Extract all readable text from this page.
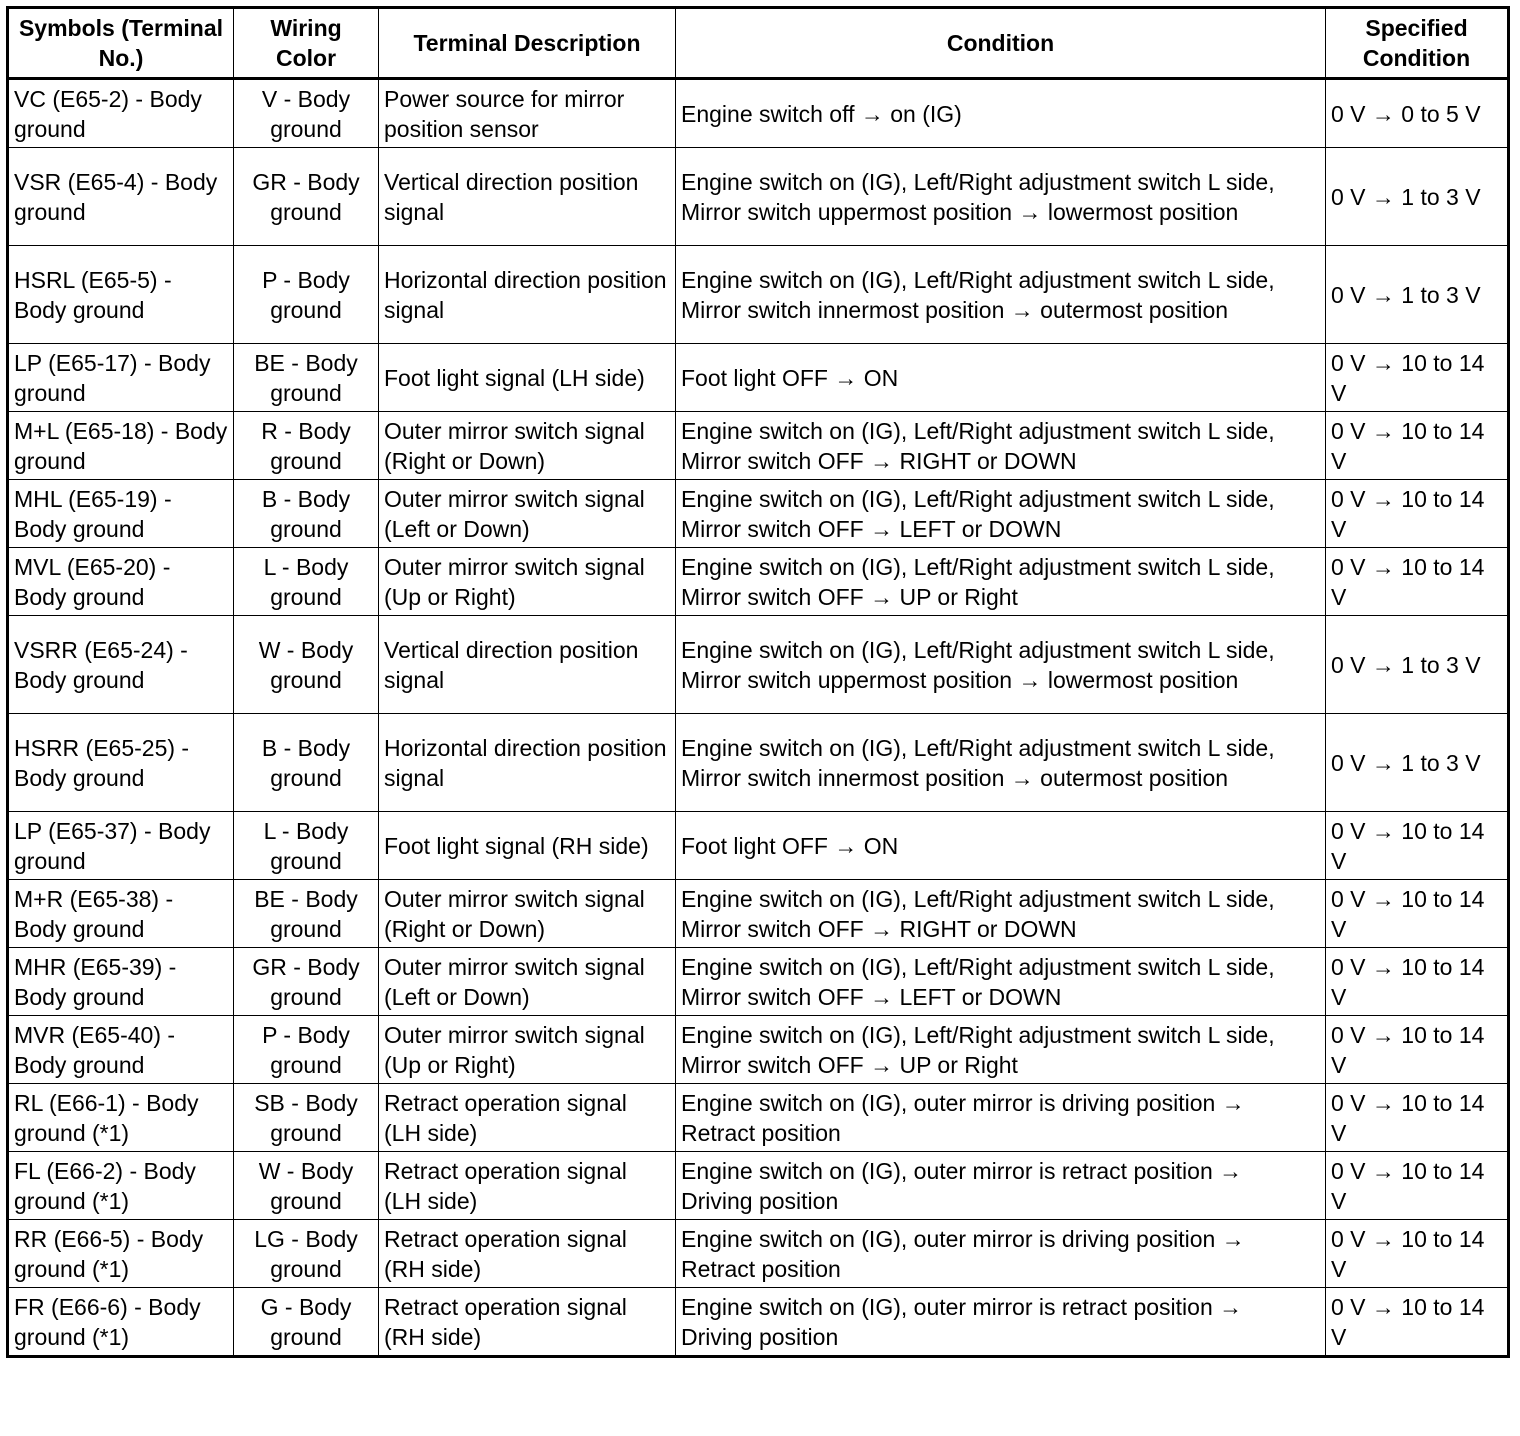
Symbols (Terminal No.)	Wiring Color	Terminal Description	Condition	Specified Condition
VC (E65-2) - Body ground	V - Body ground	Power source for mirror position sensor	Engine switch off → on (IG)	0 V → 0 to 5 V
VSR (E65-4) - Body ground	GR - Body ground	Vertical direction position signal	Engine switch on (IG), Left/Right adjustment switch L side, Mirror switch uppermost position → lowermost position	0 V → 1 to 3 V
HSRL (E65-5) - Body ground	P - Body ground	Horizontal direction position signal	Engine switch on (IG), Left/Right adjustment switch L side, Mirror switch innermost position → outermost position	0 V → 1 to 3 V
LP (E65-17) - Body ground	BE - Body ground	Foot light signal (LH side)	Foot light OFF → ON	0 V → 10 to 14 V
M+L (E65-18) - Body ground	R - Body ground	Outer mirror switch signal (Right or Down)	Engine switch on (IG), Left/Right adjustment switch L side, Mirror switch OFF → RIGHT or DOWN	0 V → 10 to 14 V
MHL (E65-19) - Body ground	B - Body ground	Outer mirror switch signal (Left or Down)	Engine switch on (IG), Left/Right adjustment switch L side, Mirror switch OFF → LEFT or DOWN	0 V → 10 to 14 V
MVL (E65-20) - Body ground	L - Body ground	Outer mirror switch signal (Up or Right)	Engine switch on (IG), Left/Right adjustment switch L side, Mirror switch OFF → UP or Right	0 V → 10 to 14 V
VSRR (E65-24) - Body ground	W - Body ground	Vertical direction position signal	Engine switch on (IG), Left/Right adjustment switch L side, Mirror switch uppermost position → lowermost position	0 V → 1 to 3 V
HSRR (E65-25) - Body ground	B - Body ground	Horizontal direction position signal	Engine switch on (IG), Left/Right adjustment switch L side, Mirror switch innermost position → outermost position	0 V → 1 to 3 V
LP (E65-37) - Body ground	L - Body ground	Foot light signal (RH side)	Foot light OFF → ON	0 V → 10 to 14 V
M+R (E65-38) - Body ground	BE - Body ground	Outer mirror switch signal (Right or Down)	Engine switch on (IG), Left/Right adjustment switch L side, Mirror switch OFF → RIGHT or DOWN	0 V → 10 to 14 V
MHR (E65-39) - Body ground	GR - Body ground	Outer mirror switch signal (Left or Down)	Engine switch on (IG), Left/Right adjustment switch L side, Mirror switch OFF → LEFT or DOWN	0 V → 10 to 14 V
MVR (E65-40) - Body ground	P - Body ground	Outer mirror switch signal (Up or Right)	Engine switch on (IG), Left/Right adjustment switch L side, Mirror switch OFF → UP or Right	0 V → 10 to 14 V
RL (E66-1) - Body ground (*1)	SB - Body ground	Retract operation signal (LH side)	Engine switch on (IG), outer mirror is driving position → Retract position	0 V → 10 to 14 V
FL (E66-2) - Body ground (*1)	W - Body ground	Retract operation signal (LH side)	Engine switch on (IG), outer mirror is retract position → Driving position	0 V → 10 to 14 V
RR (E66-5) - Body ground (*1)	LG - Body ground	Retract operation signal (RH side)	Engine switch on (IG), outer mirror is driving position → Retract position	0 V → 10 to 14 V
FR (E66-6) - Body ground (*1)	G - Body ground	Retract operation signal (RH side)	Engine switch on (IG), outer mirror is retract position → Driving position	0 V → 10 to 14 V
